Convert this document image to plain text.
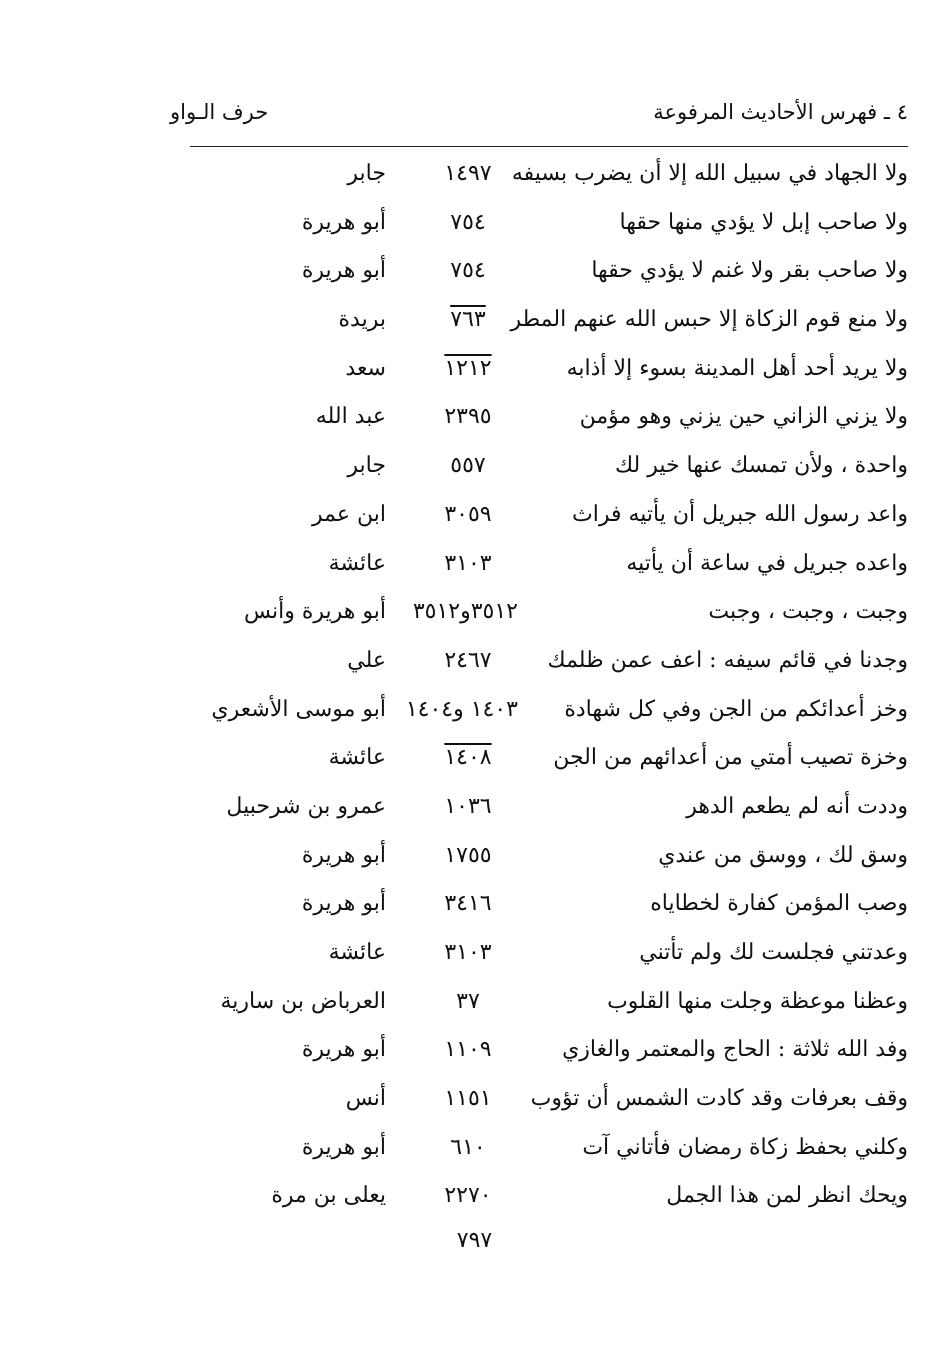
٤ ـ فهرس الأحاديث المرفوعة
حرف الـواو
ولا الجهاد في سبيل الله إلا أن يضرب بسيفه
١٤٩٧
جابر
ولا صاحب إبل لا يؤدي منها حقها
٧٥٤
أبو هريرة
ولا صاحب بقر ولا غنم لا يؤدي حقها
٧٥٤
أبو هريرة
ولا منع قوم الزكاة إلا حبس الله عنهم المطر
٧٦٣
بريدة
ولا يريد أحد أهل المدينة بسوء إلا أذابه
١٢١٢
سعد
ولا يزني الزاني حين يزني وهو مؤمن
٢٣٩٥
عبد الله
واحدة ، ولأن تمسك عنها خير لك
٥٥٧
جابر
واعد رسول الله جبريل أن يأتيه فراث
٣٠٥٩
ابن عمر
واعده جبريل في ساعة أن يأتيه
٣١٠٣
عائشة
وجبت ، وجبت ، وجبت
٣٥١٢و٣٥١٢
أبو هريرة وأنس
وجدنا في قائم سيفه : اعف عمن ظلمك
٢٤٦٧
علي
وخز أعدائكم من الجن وفي كل شهادة
١٤٠٣ و١٤٠٤
أبو موسى الأشعري
وخزة تصيب أمتي من أعدائهم من الجن
١٤٠٨
عائشة
وددت أنه لم يطعم الدهر
١٠٣٦
عمرو بن شرحبيل
وسق لك ، ووسق من عندي
١٧٥٥
أبو هريرة
وصب المؤمن كفارة لخطاياه
٣٤١٦
أبو هريرة
وعدتني فجلست لك ولم تأتني
٣١٠٣
عائشة
وعظنا موعظة وجلت منها القلوب
٣٧
العرباض بن سارية
وفد الله ثلاثة : الحاج والمعتمر والغازي
١١٠٩
أبو هريرة
وقف بعرفات وقد كادت الشمس أن تؤوب
١١٥١
أنس
وكلني بحفظ زكاة رمضان فأتاني آت
٦١٠
أبو هريرة
ويحك انظر لمن هذا الجمل
٢٢٧٠
يعلى بن مرة
٧٩٧
